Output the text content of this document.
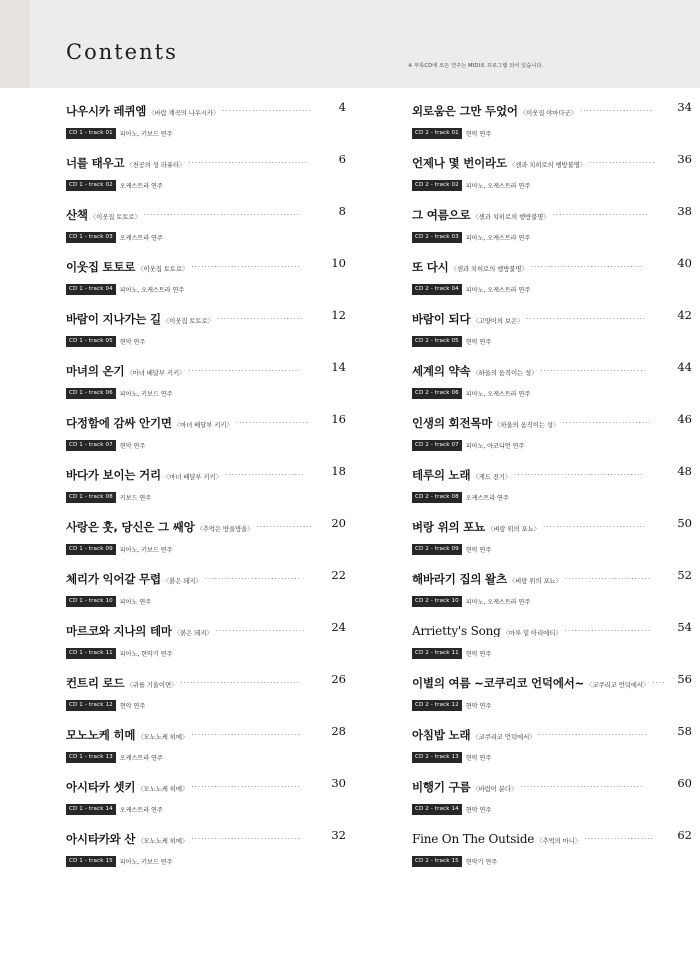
Contents
※ 부록CD에 모든 연주는 MIDI로 프로그램 되어 있습니다.
나우시카 레퀴엠 〈바람 계곡의 나우시카〉 ··························· 4
CD 1 - track 01 피아노, 키보드 연주
너를 태우고 〈천공의 성 라퓨타〉 ····································	6
CD 1 - track 02 오케스트라 연주
산책 〈이웃집 토토로〉 ···············································	8
CD 1 - track 03 오케스트라 연주
이웃집 토토로 〈이웃집 토토로〉 ·································	10
CD 1 - track 04 피아노, 오케스트라 연주
바람이 지나가는 길 〈이웃집 토토로〉 ·························· 12
CD 1 - track 05 현악 연주
마녀의 온기 〈마녀 배달부 키키〉 ··································	14
CD 1 - track 06 피아노, 키보드 연주
다정함에 감싸 안기면 〈마녀 배달부 키키〉 ······················ 16
CD 1 - track 07 현악 연주
바다가 보이는 거리 〈마녀 배달부 키키〉 ························ 18
CD 1 - track 08 키보드 연주
사랑은 훗, 당신은 그 쌔앙 〈추억은 방울방울〉 ················· 20
CD 1 - track 09 피아노, 키보드 연주
체리가 익어갈 무렵 〈붉은 돼지〉 ·····························	22
CD 1 - track 10 피아노 연주
마르코와 지나의 테마 〈붉은 돼지〉 ··························· 24
CD 1 - track 11 피아노, 현악기 연주
컨트리 로드 〈귀를 기울이면〉 ····································	26
CD 1 - track 12 현악 연주
모노노케 히메 〈모노노케 히메〉 ·································	28
CD 1 - track 13 오케스트라 연주
아시타카 셋키 〈모노노케 히메〉 ·································	30
CD 1 - track 14 오케스트라 연주
아시타카와 산 〈모노노케 히메〉 ·································	32
CD 1 - track 15 피아노, 키보드 연주
외로움은 그만 두었어 〈이웃집 야마다군〉 ······················ 34
CD 2 - track 01 현악 연주
언제나 몇 번이라도 〈센과 치히로의 행방불명〉 ···················· 36
CD 2 - track 02 피아노, 오케스트라 연주
그 여름으로 〈센과 치히로의 행방불명〉 ····························· 38
CD 2 - track 03 피아노, 오케스트라 연주
또 다시 〈센과 치히로의 행방불명〉 ··································	40
CD 2 - track 04 피아노, 오케스트라 연주
바람이 되다 〈고양이의 보은〉 ····································	42
CD 2 - track 05 현악 연주
세계의 약속 〈하울의 움직이는 성〉 ································	44
CD 2 - track 06 피아노, 오케스트라 연주
인생의 회전목마 〈하울의 움직이는 성〉 ··························· 46
CD 2 - track 07 피아노, 아코디언 연주
테루의 노래 〈게드 전기〉 ·······································	48
CD 2 - track 08 오케스트라 연주
벼랑 위의 포뇨 〈벼랑 위의 포뇨〉 ·······························	50
CD 2 - track 09 현악 연주
해바라기 집의 왈츠 〈벼랑 위의 포뇨〉 ·························· 52
CD 2 - track 10 피아노, 오케스트라 연주
Arrietty's Song 〈마루 밑 아리에티〉 ·························· 54
CD 2 - track 11 현악 연주
이별의 여름 ~코쿠리코 언덕에서~ 〈코쿠리코 언덕에서〉 ···· 56
CD 2 - track 12 현악 연주
아침밥 노래 〈코쿠리코 언덕에서〉 ·································	58
CD 2 - track 13 현악 연주
비행기 구름 〈바람이 분다〉 ·····································	60
CD 2 - track 14 현악 연주
Fine On The Outside 〈추억의 마니〉 ····················· 62
CD 2 - track 15 현악기 연주
